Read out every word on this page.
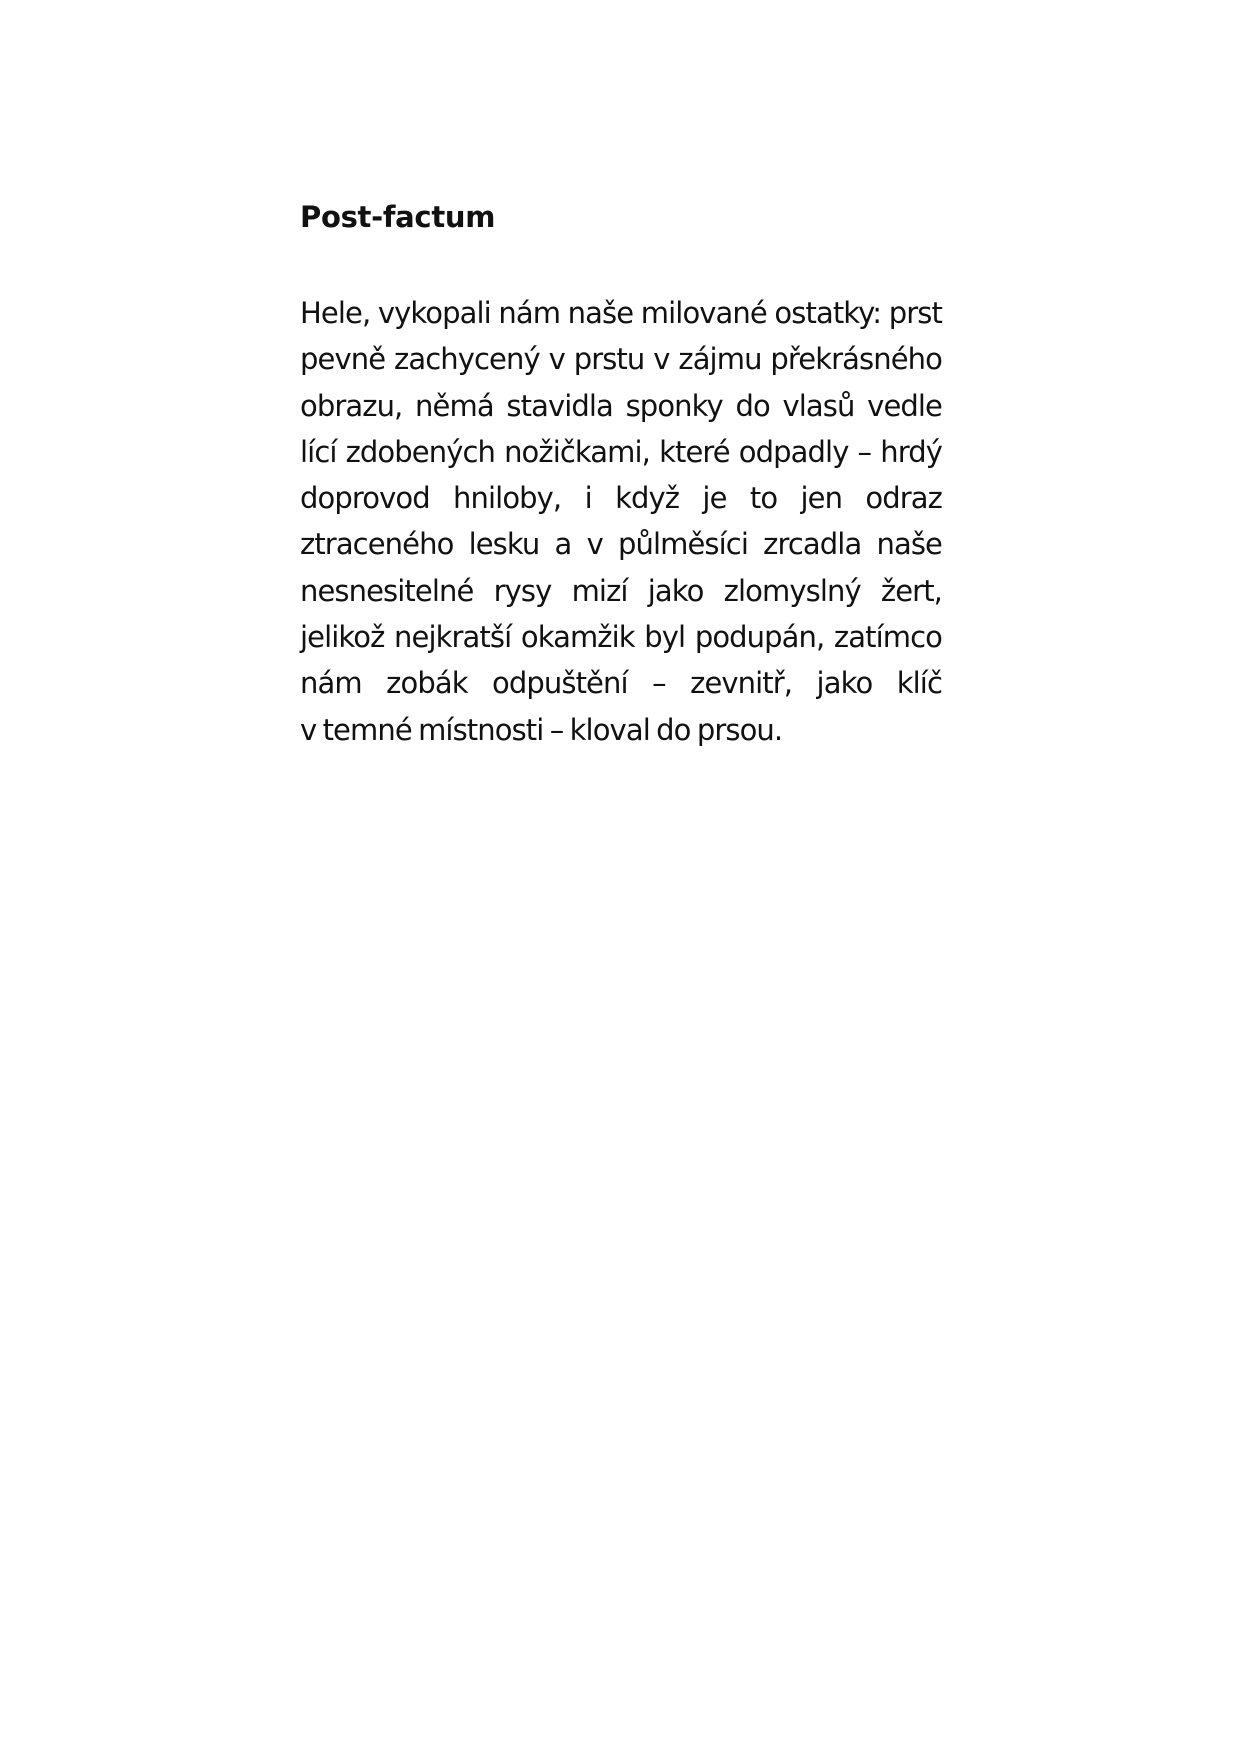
Post-factum
Hele, vykopali nám naše milované ostatky: prst
pevně zachycený v prstu v zájmu překrásného
obrazu, němá stavidla sponky do vlasů vedle
lící zdobených nožičkami, které odpadly – hrdý
doprovod hniloby, i když je to jen odraz
ztraceného lesku a v půlměsíci zrcadla naše
nesnesitelné rysy mizí jako zlomyslný žert,
jelikož nejkratší okamžik byl podupán, zatímco
nám zobák odpuštění – zevnitř, jako klíč
v temné místnosti – kloval do prsou.
